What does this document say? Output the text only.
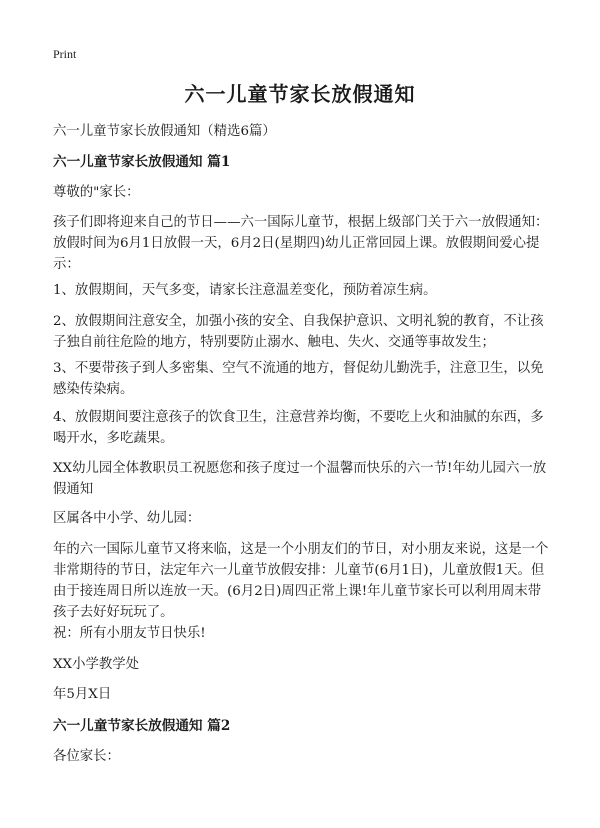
Print
六一儿童节家长放假通知

六一儿童节家长放假通知（精选6篇）

六一儿童节家长放假通知 篇1

尊敬的"家长：

孩子们即将迎来自己的节日——六一国际儿童节，根据上级部门关于六一放假通知：放假时间为6月1日放假一天，6月2日(星期四)幼儿正常回园上课。放假期间爱心提示：

1、放假期间，天气多变，请家长注意温差变化，预防着凉生病。

2、放假期间注意安全，加强小孩的安全、自我保护意识、文明礼貌的教育，不让孩子独自前往危险的地方，特别要防止溺水、触电、失火、交通等事故发生；

3、不要带孩子到人多密集、空气不流通的地方，督促幼儿勤洗手，注意卫生，以免感染传染病。

4、放假期间要注意孩子的饮食卫生，注意营养均衡，不要吃上火和油腻的东西，多喝开水，多吃蔬果。

XX幼儿园全体教职员工祝愿您和孩子度过一个温馨而快乐的六一节!年幼儿园六一放假通知

区属各中小学、幼儿园：

年的六一国际儿童节又将来临，这是一个小朋友们的节日，对小朋友来说，这是一个非常期待的节日，法定年六一儿童节放假安排：儿童节(6月1日)，儿童放假1天。但由于接连周日所以连放一天。(6月2日)周四正常上课!年儿童节家长可以利用周末带孩子去好好玩玩了。

祝：所有小朋友节日快乐!

XX小学教学处

年5月X日

六一儿童节家长放假通知 篇2

各位家长：
